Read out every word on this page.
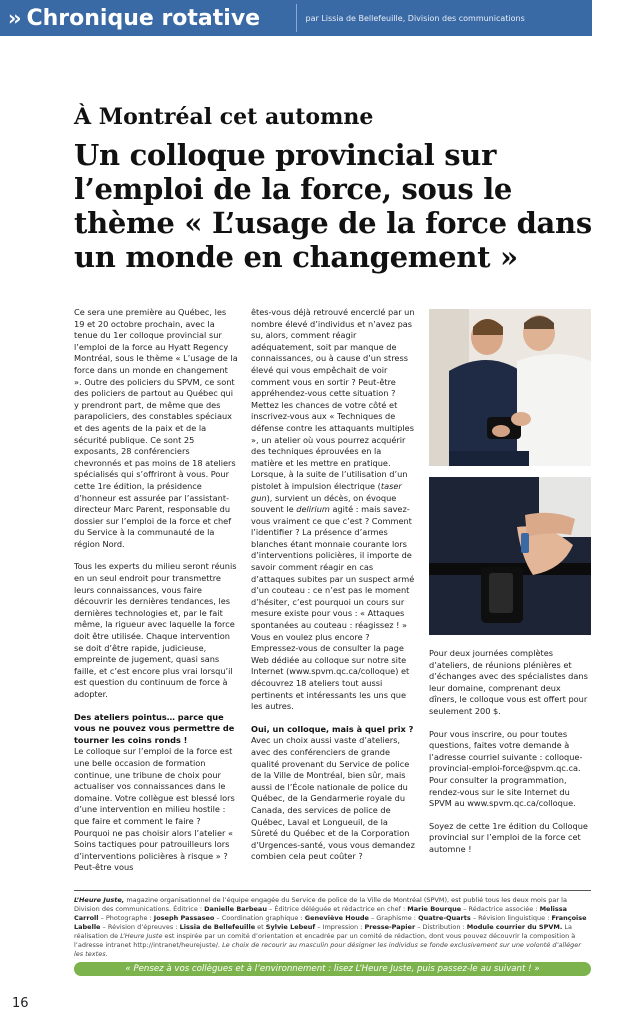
›› Chronique rotative	par Lissia de Bellefeuille, Division des communications
À Montréal cet automne
Un colloque provincial sur l’emploi de la force, sous le thème « L’usage de la force dans un monde en changement »

Ce sera une première au Québec, les 19 et 20 octobre prochain, avec la tenue du 1er colloque provincial sur l’emploi de la force au Hyatt Regency Montréal, sous le thème « L’usage de la force dans un monde en changement ». Outre des policiers du SPVM, ce sont des policiers de partout au Québec qui y prendront part, de même que des parapoliciers, des constables spéciaux et des agents de la paix et de la sécurité publique. Ce sont 25 exposants, 28 conférenciers chevronnés et pas moins de 18 ateliers spécialisés qui s’offriront à vous. Pour cette 1re édition, la présidence d’honneur est assurée par l’assistant-directeur Marc Parent, responsable du dossier sur l’emploi de la force et chef du Service à la communauté de la région Nord.

Tous les experts du milieu seront réunis en un seul endroit pour transmettre leurs connaissances, vous faire découvrir les dernières tendances, les dernières technologies et, par le fait même, la rigueur avec laquelle la force doit être utilisée. Chaque intervention se doit d’être rapide, judicieuse, empreinte de jugement, quasi sans faille, et c’est encore plus vrai lorsqu’il est question du continuum de force à adopter.

Des ateliers pointus… parce que vous ne pouvez vous permettre de tourner les coins ronds !

Le colloque sur l’emploi de la force est une belle occasion de formation continue, une tribune de choix pour actualiser vos connaissances dans le domaine. Votre collègue est blessé lors d’une intervention en milieu hostile : que faire et comment le faire ? Pourquoi ne pas choisir alors l’atelier « Soins tactiques pour patrouilleurs lors d’interventions policières à risque » ? Peut-être vous

êtes-vous déjà retrouvé encerclé par un nombre élevé d’individus et n’avez pas su, alors, comment réagir adéquatement, soit par manque de connaissances, ou à cause d’un stress élevé qui vous empêchait de voir comment vous en sortir ? Peut-être appréhendez-vous cette situation ? Mettez les chances de votre côté et inscrivez-vous aux « Techniques de défense contre les attaquants multiples », un atelier où vous pourrez acquérir des techniques éprouvées en la matière et les mettre en pratique. Lorsque, à la suite de l’utilisation d’un pistolet à impulsion électrique (taser gun), survient un décès, on évoque souvent le delirium agité : mais savez-vous vraiment ce que c’est ? Comment l’identifier ? La présence d’armes blanches étant monnaie courante lors d’interventions policières, il importe de savoir comment réagir en cas d’attaques subites par un suspect armé d’un couteau : ce n’est pas le moment d’hésiter, c’est pourquoi un cours sur mesure existe pour vous : « Attaques spontanées au couteau : réagissez ! » Vous en voulez plus encore ? Empressez-vous de consulter la page Web dédiée au colloque sur notre site Internet (www.spvm.qc.ca/colloque) et découvrez 18 ateliers tout aussi pertinents et intéressants les uns que les autres.

Oui, un colloque, mais à quel prix ?

Avec un choix aussi vaste d’ateliers, avec des conférenciers de grande qualité provenant du Service de police de la Ville de Montréal, bien sûr, mais aussi de l’École nationale de police du Québec, de la Gendarmerie royale du Canada, des services de police de Québec, Laval et Longueuil, de la Sûreté du Québec et de la Corporation d’Urgences-santé, vous vous demandez combien cela peut coûter ?

Pour deux journées complètes d’ateliers, de réunions plénières et d’échanges avec des spécialistes dans leur domaine, comprenant deux dîners, le colloque vous est offert pour seulement 200 $.

Pour vous inscrire, ou pour toutes questions, faites votre demande à l’adresse courriel suivante : colloque-provincial-emploi-force@spvm.qc.ca. Pour consulter la programmation, rendez-vous sur le site Internet du SPVM au www.spvm.qc.ca/colloque.

Soyez de cette 1re édition du Colloque provincial sur l’emploi de la force cet automne !

L’Heure Juste, magazine organisationnel de l’équipe engagée du Service de police de la Ville de Montréal (SPVM), est publié tous les deux mois par la Division des communications. Éditrice : Danielle Barbeau – Éditrice déléguée et rédactrice en chef : Marie Bourque – Rédactrice associée : Melissa Carroll – Photographe : Joseph Passaseo – Coordination graphique : Geneviève Houde – Graphisme : Quatre-Quarts – Révision linguistique : Françoise Labelle – Révision d’épreuves : Lissia de Bellefeuille et Sylvie Lebeuf – Impression : Presse-Papier – Distribution : Module courrier du SPVM. La réalisation de L’Heure Juste est inspirée par un comité d’orientation et encadrée par un comité de rédaction, dont vous pouvez découvrir la composition à l’adresse intranet http://intranet/heurejuste/. Le choix de recourir au masculin pour désigner les individus se fonde exclusivement sur une volonté d’alléger les textes.
« Pensez à vos collègues et à l’environnement : lisez L’Heure Juste, puis passez-le au suivant ! »
16
